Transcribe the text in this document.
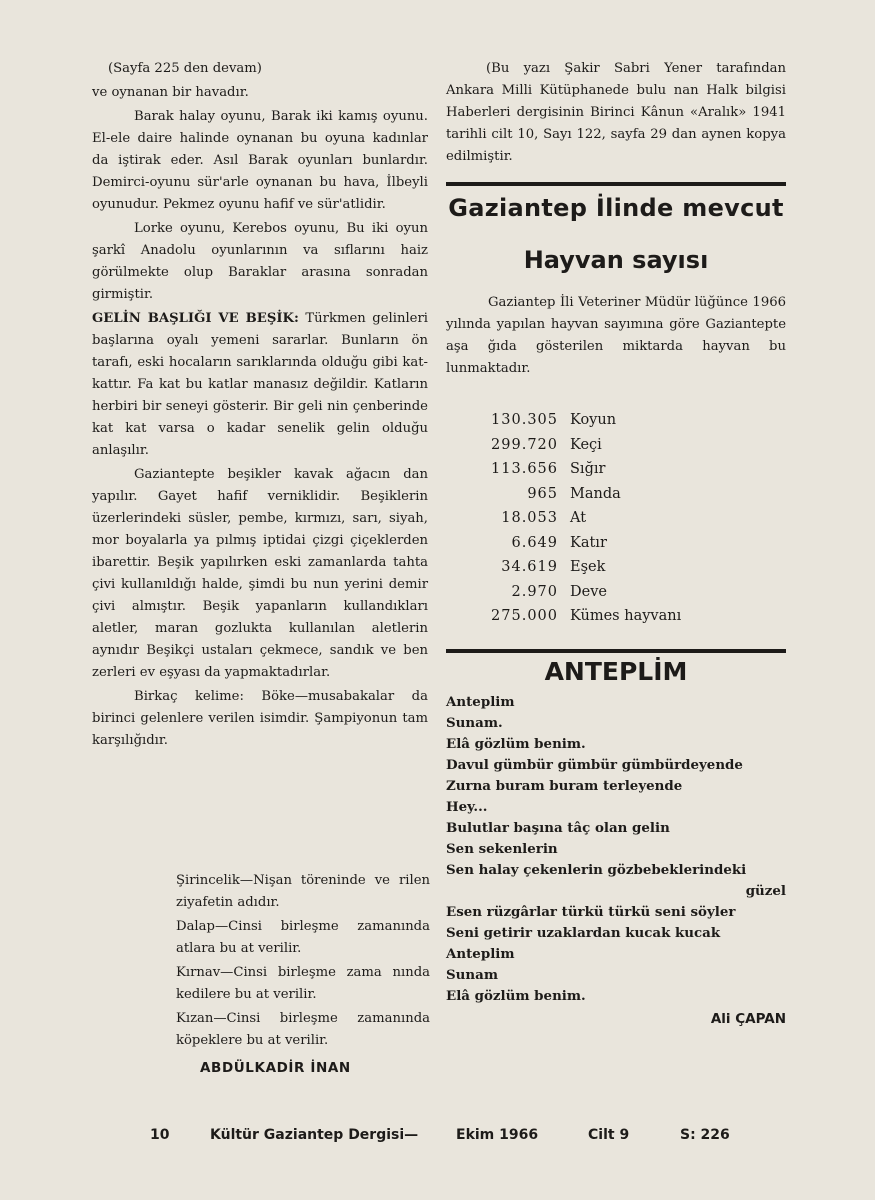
(Sayfa 225 den devam)

ve oynanan bir havadır.

Barak halay oyunu, Barak iki kamış oyunu. El-ele daire halinde oynanan bu oyuna kadınlar da iştirak eder. Asıl Barak oyunları bunlardır. Demirci-oyunu sür'arle oynanan bu hava, İlbeyli oyunudur. Pekmez oyunu hafif ve sür'atlidir.

Lorke oyunu, Kerebos oyunu, Bu iki oyun şarkî Anadolu oyunlarının va sıflarını haiz görülmekte olup Baraklar arasına sonradan girmiştir.

GELİN BAŞLIĞI VE BEŞİK: Türkmen gelinleri başlarına oyalı yemeni sararlar. Bunların ön tarafı, eski hocaların sarıklarında olduğu gibi kat-kattır. Fa kat bu katlar manasız değildir. Katların herbiri bir seneyi gösterir. Bir geli nin çenberinde kat kat varsa o kadar senelik gelin olduğu anlaşılır.

Gaziantepte beşikler kavak ağacın dan yapılır. Gayet hafif verniklidir. Beşiklerin üzerlerindeki süsler, pembe, kırmızı, sarı, siyah, mor boyalarla ya pılmış iptidai çizgi çiçeklerden ibarettir. Beşik yapılırken eski zamanlarda tahta çivi kullanıldığı halde, şimdi bu nun yerini demir çivi almıştır. Beşik yapanların kullandıkları aletler, maran gozlukta kullanılan aletlerin aynıdır Beşikçi ustaları çekmece, sandık ve ben zerleri ev eşyası da yapmaktadırlar.

Birkaç kelime: Böke—musabakalar da birinci gelenlere verilen isimdir. Şampiyonun tam karşılığıdır.

Şirincelik—Nişan töreninde ve rilen ziyafetin adıdır.

Dalap—Cinsi birleşme zamanında atlara bu at verilir.

Kırnav—Cinsi birleşme zama nında kedilere bu at verilir.

Kızan—Cinsi birleşme zamanında köpeklere bu at verilir.

ABDÜLKADİR İNAN

(Bu yazı Şakir Sabri Yener tarafından Ankara Milli Kütüphanede bulu nan Halk bilgisi Haberleri dergisinin Birinci Kânun «Aralık» 1941 tarihli cilt 10, Sayı 122, sayfa 29 dan aynen kopya edilmiştir.

Gaziantep İlinde mevcut
Hayvan sayısı

Gaziantep İli Veteriner Müdür lüğünce 1966 yılında yapılan hayvan sayımına göre Gaziantepte aşa ğıda gösterilen miktarda hayvan bu lunmaktadır.

130.305 Koyun
299.720 Keçi
113.656 Sığır
965 Manda
18.053 At
6.649 Katır
34.619 Eşek
2.970 Deve
275.000 Kümes hayvanı
ANTEPLİM
Anteplim
Sunam.
Elâ gözlüm benim.
Davul gümbür gümbür gümbürdeyende
Zurna buram buram terleyende
Hey...
Bulutlar başına tâç olan gelin
Sen sekenlerin
Sen halay çekenlerin gözbebeklerindeki
güzel
Esen rüzgârlar türkü türkü seni söyler
Seni getirir uzaklardan kucak kucak
Anteplim
Sunam
Elâ gözlüm benim.
Ali ÇAPAN
10	Kültür Gaziantep Dergisi—	Ekim 1966	Cilt 9	S: 226
